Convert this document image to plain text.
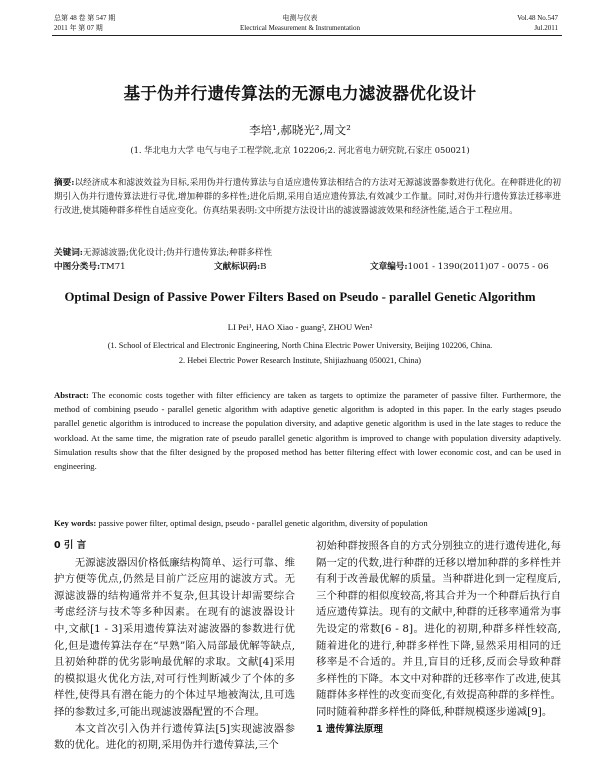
总第 48 卷 第 547 期
2011 年 第 07 期
电测与仪表
Electrical Measurement & Instrumentation
Vol.48 No.547
Jul.2011
基于伪并行遗传算法的无源电力滤波器优化设计
李培¹,郝晓光²,周文²
(1. 华北电力大学 电气与电子工程学院,北京 102206;2. 河北省电力研究院,石家庄 050021)
摘要:以经济成本和滤波效益为目标,采用伪并行遗传算法与自适应遗传算法相结合的方法对无源滤波器参数进行优化。在种群进化的初期引入伪并行遗传算法进行寻优,增加种群的多样性;进化后期,采用自适应遗传算法,有效减少工作量。同时,对伪并行遗传算法迁移率进行改进,使其随种群多样性自适应变化。仿真结果表明:文中所提方法设计出的滤波器滤波效果和经济性能,适合于工程应用。
关键词:无源滤波器;优化设计;伪并行遗传算法;种群多样性
中图分类号:TM71	文献标识码:B	文章编号:1001 - 1390(2011)07 - 0075 - 06
Optimal Design of Passive Power Filters Based on Pseudo - parallel Genetic Algorithm
LI Pei¹, HAO Xiao - guang², ZHOU Wen²
(1. School of Electrical and Electronic Engineering, North China Electric Power University, Beijing 102206, China.
2. Hebei Electric Power Research Institute, Shijiazhuang 050021, China)
Abstract: The economic costs together with filter efficiency are taken as targets to optimize the parameter of passive filter. Furthermore, the method of combining pseudo - parallel genetic algorithm with adaptive genetic algorithm is adopted in this paper. In the early stages pseudo parallel genetic algorithm is introduced to increase the population diversity, and adaptive genetic algorithm is used in the late stages to reduce the workload. At the same time, the migration rate of pseudo parallel genetic algorithm is improved to change with population diversity adaptively. Simulation results show that the filter designed by the proposed method has better filtering effect with lower economic cost, and can be used in engineering.
Key words: passive power filter, optimal design, pseudo - parallel genetic algorithm, diversity of population

0 引 言

无源滤波器因价格低廉结构简单、运行可靠、维护方便等优点,仍然是目前广泛应用的滤波方式。无源滤波器的结构通常并不复杂,但其设计却需要综合考虑经济与技术等多种因素。在现有的滤波器设计中,文献[1 - 3]采用遗传算法对滤波器的参数进行优化,但是遗传算法存在“早熟”陷入局部最优解等缺点,且初始种群的优劣影响最优解的求取。文献[4]采用的模拟退火优化方法,对可行性判断减少了个体的多样性,使得具有潜在能力的个体过早地被淘汰,且可选择的参数过多,可能出现滤波器配置的不合理。

本文首次引入伪并行遗传算法[5]实现滤波器参数的优化。进化的初期,采用伪并行遗传算法,三个

初始种群按照各自的方式分别独立的进行遗传进化,每隔一定的代数,进行种群的迁移以增加种群的多样性并有利于改善最优解的质量。当种群进化到一定程度后,三个种群的相似度较高,将其合并为一个种群后执行自适应遗传算法。现有的文献中,种群的迁移率通常为事先设定的常数[6 - 8]。进化的初期,种群多样性较高,随着进化的进行,种群多样性下降,显然采用相同的迁移率是不合适的。并且,盲目的迁移,反而会导致种群多样性的下降。本文中对种群的迁移率作了改进,使其随群体多样性的改变而变化,有效提高种群的多样性。同时随着种群多样性的降低,种群规模逐步递减[9]。

1 遗传算法原理
